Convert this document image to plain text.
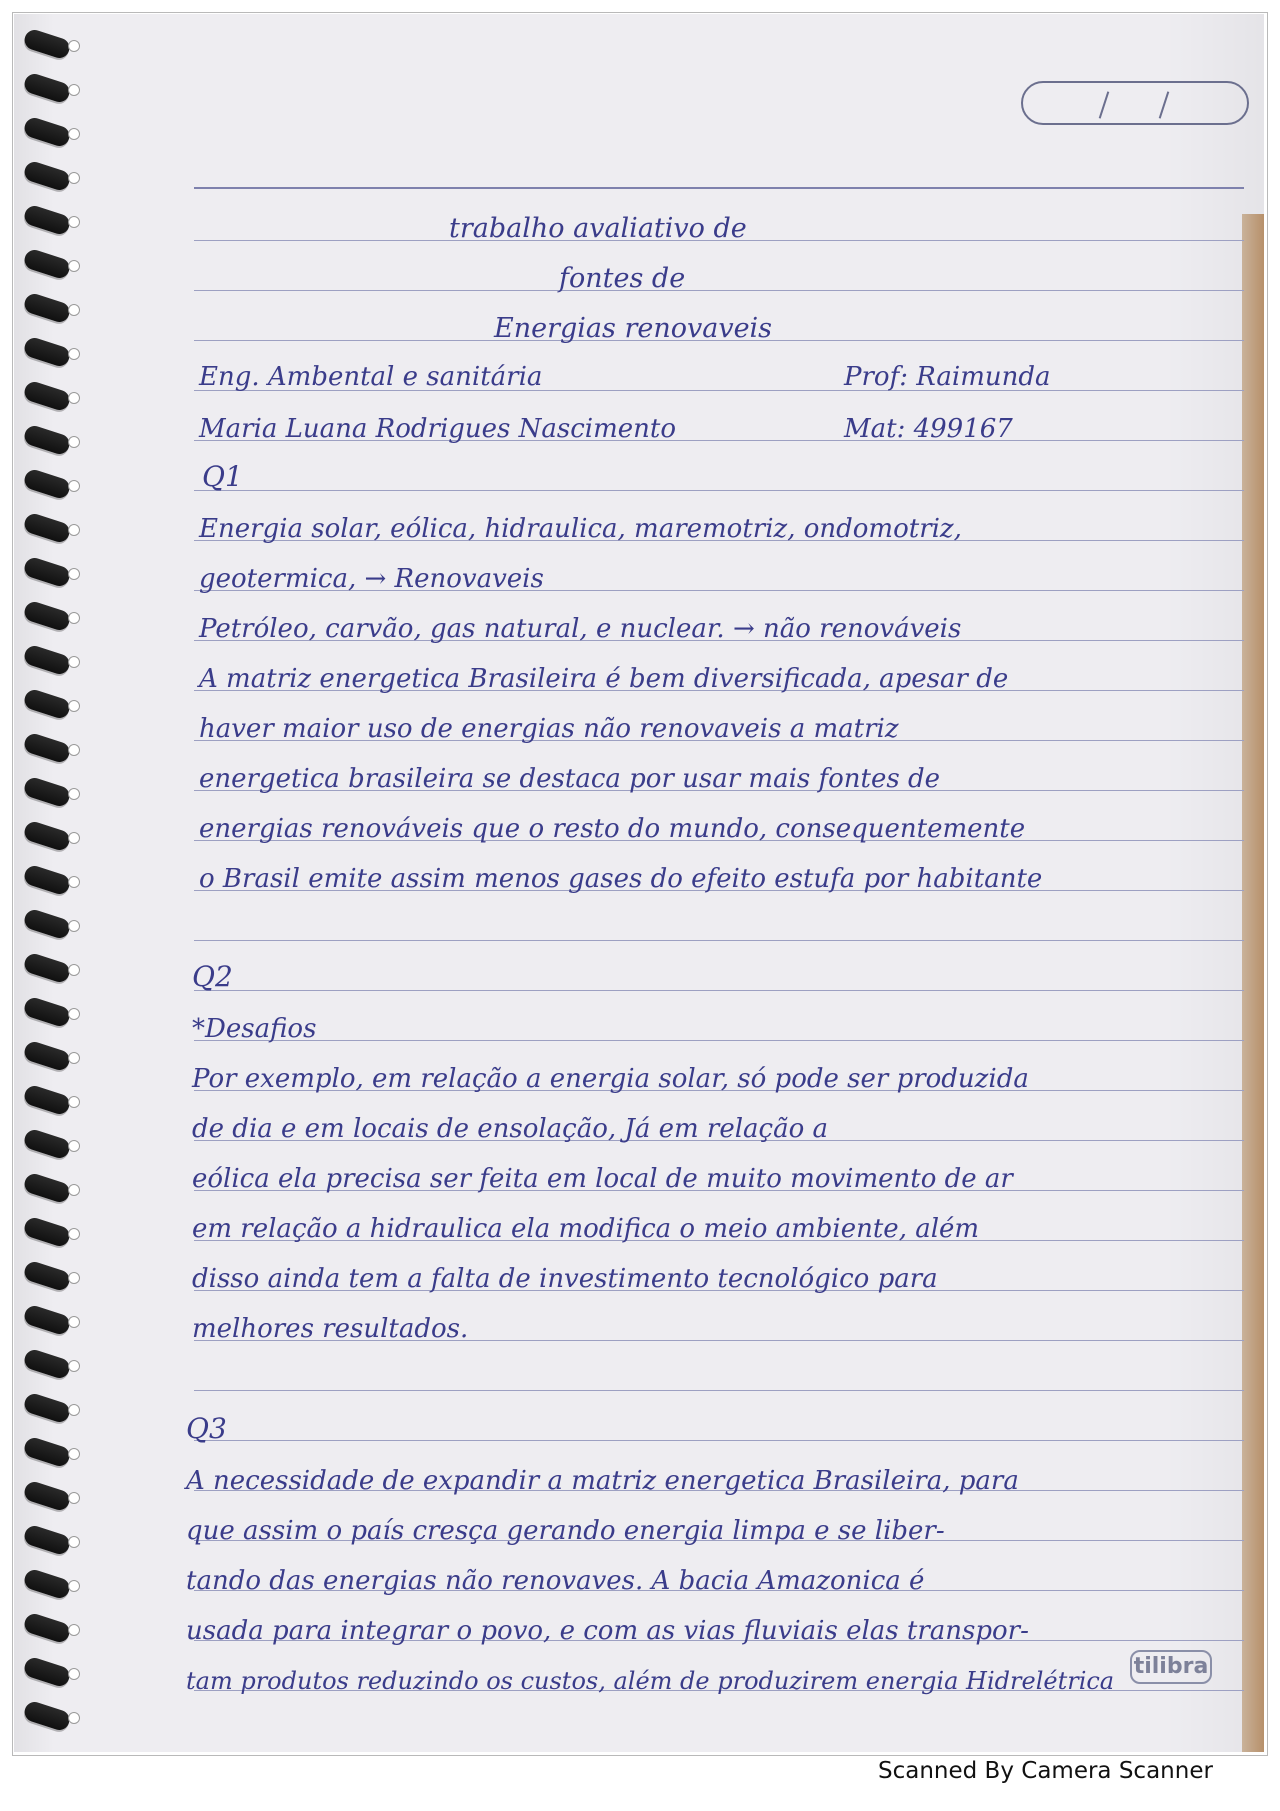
trabalho avaliativo de
fontes de
Energias renovaveis
Eng. Ambental e sanitária	Prof: Raimunda
Maria Luana Rodrigues Nascimento	Mat: 499167
Q1
Energia solar, eólica, hidraulica, maremotriz, ondomotriz,
geotermica, → Renovaveis
Petróleo, carvão, gas natural, e nuclear. → não renováveis
A matriz energetica Brasileira é bem diversificada, apesar de
haver maior uso de energias não renovaveis a matriz
energetica brasileira se destaca por usar mais fontes de
energias renováveis que o resto do mundo, consequentemente
o Brasil emite assim menos gases do efeito estufa por habitante
Q2
*Desafios
Por exemplo, em relação a energia solar, só pode ser produzida
de dia e em locais de ensolação, Já em relação a
eólica ela precisa ser feita em local de muito movimento de ar
em relação a hidraulica ela modifica o meio ambiente, além
disso ainda tem a falta de investimento tecnológico para
melhores resultados.
Q3
A necessidade de expandir a matriz energetica Brasileira, para
que assim o país cresça gerando energia limpa e se liber-
tando das energias não renovaves. A bacia Amazonica é
usada para integrar o povo, e com as vias fluviais elas transpor-
tam produtos reduzindo os custos, além de produzirem energia Hidrelétrica
tilibra
Scanned By Camera Scanner
